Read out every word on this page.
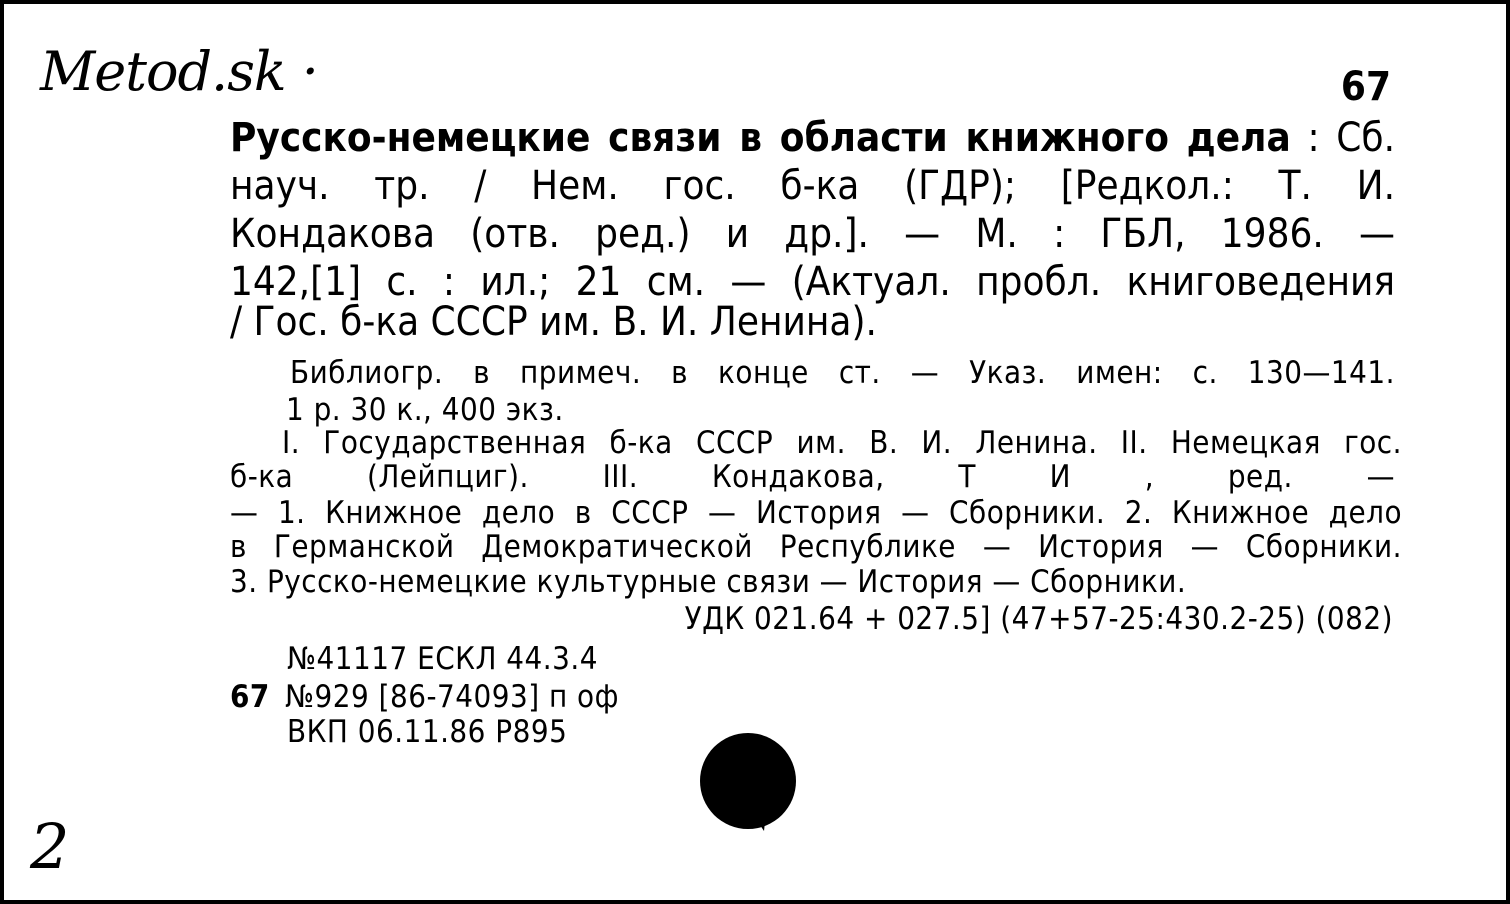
Metod.sk ·	67
Русско-немецкие связи в области книжного дела : Сб.
науч. тр. / Нем. гос. б-ка (ГДР); [Редкол.: Т. И.
Кондакова (отв. ред.) и др.]. — М. : ГБЛ, 1986. —
142,[1] с. : ил.; 21 см. — (Актуал. пробл. книговедения
/ Гос. б-ка СССР им. В. И. Ленина).
Библиогр. в примеч. в конце ст. — Указ. имен: с. 130—141.
1 р. 30 к., 400 экз.
I. Государственная б-ка СССР им. В. И. Ленина. II. Немецкая гос.
б-ка (Лейпциг). III. Кондакова, Т И , ред. —
— 1. Книжное дело в СССР — История — Сборники. 2. Книжное дело
в Германской Демократической Республике — История — Сборники.
3. Русско-немецкие культурные связи — История — Сборники.
УДК 021.64 + 027.5] (47+57-25:430.2-25) (082)
№41117 ЕСКЛ 44.3.4
67 №929 [86-74093] п оф
ВКП 06.11.86 Р895
2
